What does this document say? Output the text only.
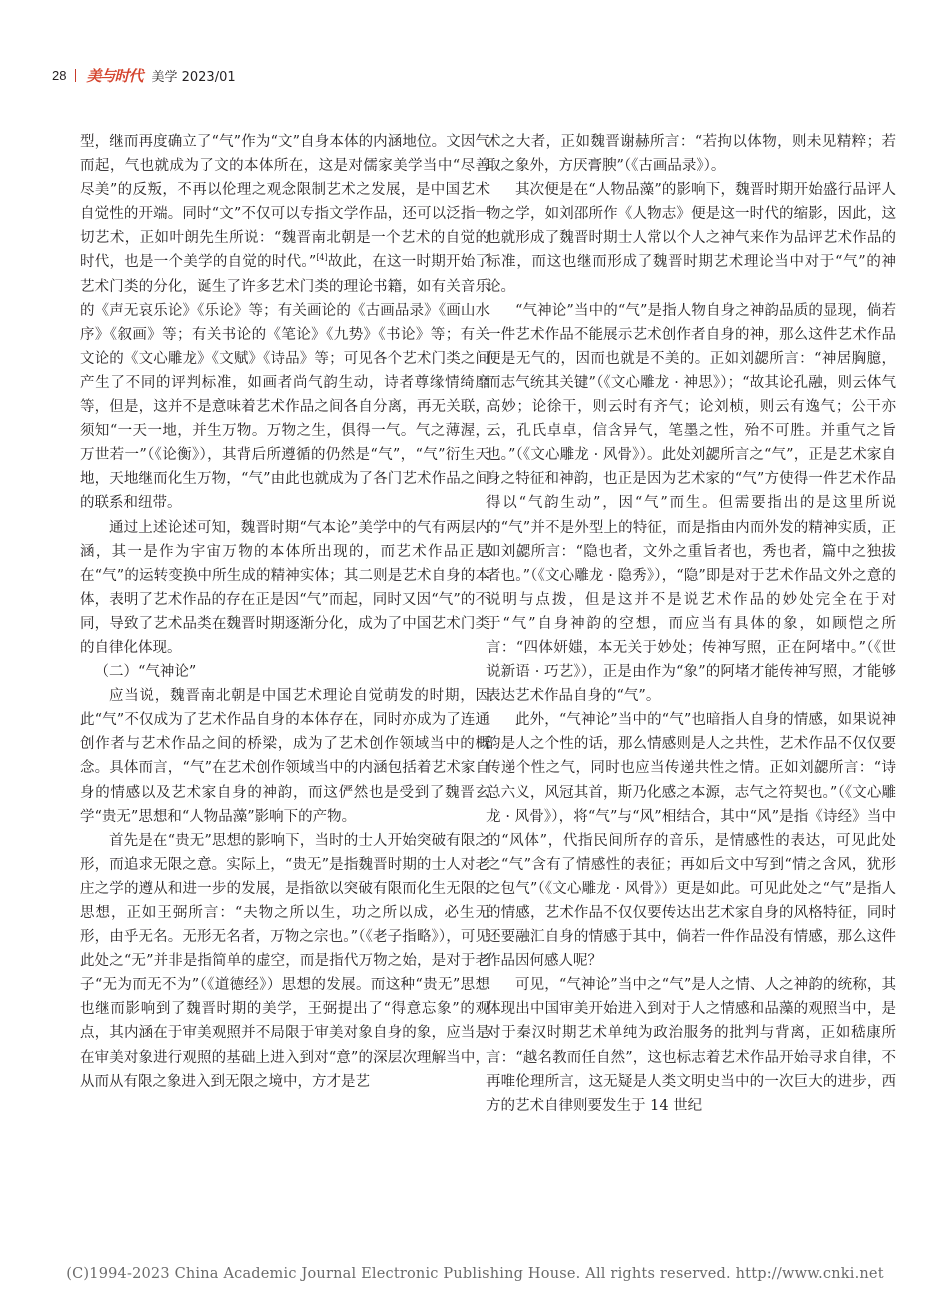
28 美与时代 美学 2023/01

型，继而再度确立了“气”作为“文”自身本体的内涵地位。文因气而起，气也就成为了文的本体所在，这是对儒家美学当中“尽善尽美”的反叛，不再以伦理之观念限制艺术之发展，是中国艺术自觉性的开端。同时“文”不仅可以专指文学作品，还可以泛指一切艺术，正如叶朗先生所说：“魏晋南北朝是一个艺术的自觉的时代，也是一个美学的自觉的时代。”[4]故此，在这一时期开始了艺术门类的分化，诞生了许多艺术门类的理论书籍，如有关音乐的《声无哀乐论》《乐论》等；有关画论的《古画品录》《画山水序》《叙画》等；有关书论的《笔论》《九势》《书论》等；有关文论的《文心雕龙》《文赋》《诗品》等；可见各个艺术门类之间产生了不同的评判标准，如画者尚气韵生动，诗者尊缘情绮靡等，但是，这并不是意味着艺术作品之间各自分离，再无关联，须知“一天一地，并生万物。万物之生，俱得一气。气之薄渥，万世若一”（《论衡》），其背后所遵循的仍然是“气”，“气”衍生天地，天地继而化生万物，“气”由此也就成为了各门艺术作品之间的联系和纽带。

通过上述论述可知，魏晋时期“气本论”美学中的气有两层内涵，其一是作为宇宙万物的本体所出现的，而艺术作品正是在“气”的运转变换中所生成的精神实体；其二则是艺术自身的本体，表明了艺术作品的存在正是因“气”而起，同时又因“气”的不同，导致了艺术品类在魏晋时期逐渐分化，成为了中国艺术门类的自律化体现。

（二）“气神论”

应当说，魏晋南北朝是中国艺术理论自觉萌发的时期，因此“气”不仅成为了艺术作品自身的本体存在，同时亦成为了连通创作者与艺术作品之间的桥梁，成为了艺术创作领域当中的概念。具体而言，“气”在艺术创作领域当中的内涵包括着艺术家自身的情感以及艺术家自身的神韵，而这俨然也是受到了魏晋玄学“贵无”思想和“人物品藻”影响下的产物。

首先是在“贵无”思想的影响下，当时的士人开始突破有限之形，而追求无限之意。实际上，“贵无”是指魏晋时期的士人对老庄之学的遵从和进一步的发展，是指欲以突破有限而化生无限的思想，正如王弼所言：“夫物之所以生，功之所以成，必生无形，由乎无名。无形无名者，万物之宗也。”（《老子指略》），可见此处之“无”并非是指简单的虚空，而是指代万物之始，是对于老子“无为而无不为”（《道德经》）思想的发展。而这种“贵无”思想也继而影响到了魏晋时期的美学，王弼提出了“得意忘象”的观点，其内涵在于审美观照并不局限于审美对象自身的象，应当是在审美对象进行观照的基础上进入到对“意”的深层次理解当中，从而从有限之象进入到无限之境中，方才是艺

术之大者，正如魏晋谢赫所言：“若拘以体物，则未见精粹；若取之象外，方厌膏腴”（《古画品录》）。

其次便是在“人物品藻”的影响下，魏晋时期开始盛行品评人物之学，如刘邵所作《人物志》便是这一时代的缩影，因此，这也就形成了魏晋时期士人常以个人之神气来作为品评艺术作品的标准，而这也继而形成了魏晋时期艺术理论当中对于“气”的神论。

“气神论”当中的“气”是指人物自身之神韵品质的显现，倘若一件艺术作品不能展示艺术创作者自身的神，那么这件艺术作品便是无气的，因而也就是不美的。正如刘勰所言：“神居胸臆，而志气统其关键”（《文心雕龙 · 神思》）；“故其论孔融，则云体气高妙；论徐干，则云时有齐气；论刘桢，则云有逸气；公干亦云，孔氏卓卓，信含异气，笔墨之性，殆不可胜。并重气之旨也。”（《文心雕龙 · 风骨》）。此处刘勰所言之“气”，正是艺术家自身之特征和神韵，也正是因为艺术家的“气”方使得一件艺术作品得以“气韵生动”，因“气”而生。但需要指出的是这里所说的“气”并不是外型上的特征，而是指由内而外发的精神实质，正如刘勰所言：“隐也者，文外之重旨者也，秀也者，篇中之独拔者也。”（《文心雕龙 · 隐秀》），“隐”即是对于艺术作品文外之意的说明与点拨，但是这并不是说艺术作品的妙处完全在于对于“气”自身神韵的空想，而应当有具体的象，如顾恺之所言：“四体妍媸，本无关于妙处；传神写照，正在阿堵中。”（《世说新语 · 巧艺》），正是由作为“象”的阿堵才能传神写照，才能够表达艺术作品自身的“气”。

此外，“气神论”当中的“气”也暗指人自身的情感，如果说神韵是人之个性的话，那么情感则是人之共性，艺术作品不仅仅要传递个性之气，同时也应当传递共性之情。正如刘勰所言：“诗总六义，风冠其首，斯乃化感之本源，志气之符契也。”（《文心雕龙 · 风骨》），将“气”与“风”相结合，其中“风”是指《诗经》当中的“风体”，代指民间所存的音乐，是情感性的表达，可见此处之“气”含有了情感性的表征；再如后文中写到“情之含风，犹形之包气”（《文心雕龙 · 风骨》）更是如此。可见此处之“气”是指人的情感，艺术作品不仅仅要传达出艺术家自身的风格特征，同时还要融汇自身的情感于其中，倘若一件作品没有情感，那么这件作品因何感人呢？

可见，“气神论”当中之“气”是人之情、人之神韵的统称，其体现出中国审美开始进入到对于人之情感和品藻的观照当中，是对于秦汉时期艺术单纯为政治服务的批判与背离，正如嵇康所言：“越名教而任自然”，这也标志着艺术作品开始寻求自律，不再唯伦理所言，这无疑是人类文明史当中的一次巨大的进步，西方的艺术自律则要发生于 14 世纪

(C)1994-2023 China Academic Journal Electronic Publishing House. All rights reserved. http://www.cnki.net
